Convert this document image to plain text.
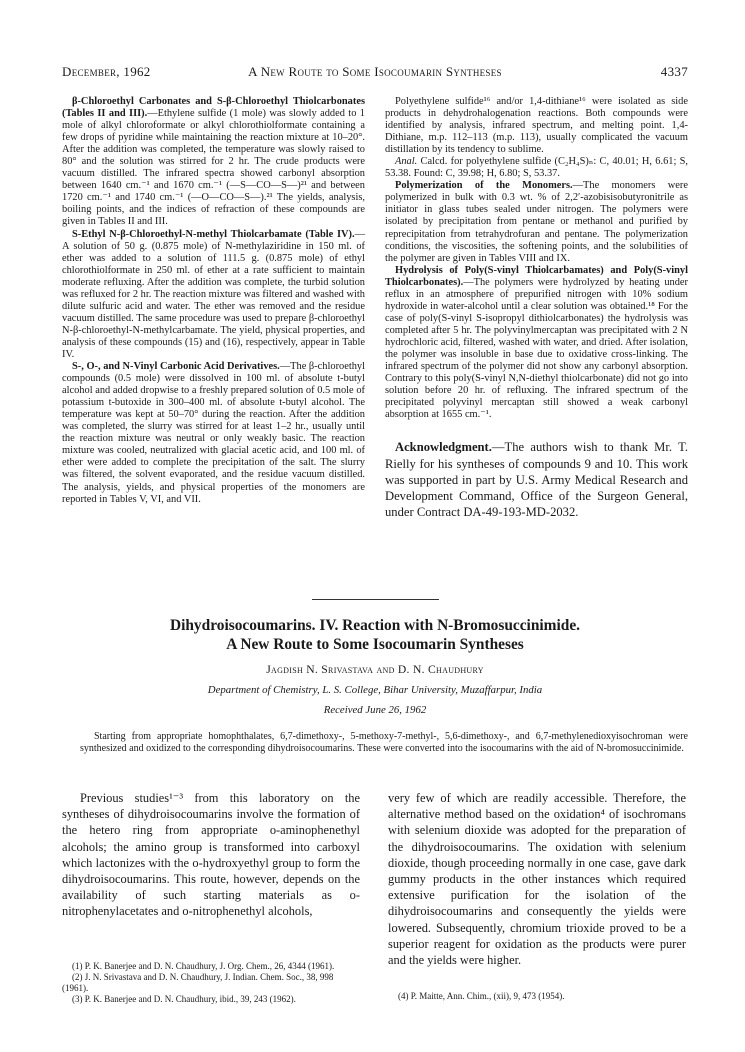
December, 1962	A New Route to Some Isocoumarin Syntheses	4337

β-Chloroethyl Carbonates and S-β-Chloroethyl Thiolcarbonates (Tables II and III).—Ethylene sulfide (1 mole) was slowly added to 1 mole of alkyl chloroformate or alkyl chlorothiolformate containing a few drops of pyridine while maintaining the reaction mixture at 10–20°. After the addition was completed, the temperature was slowly raised to 80° and the solution was stirred for 2 hr. The crude products were vacuum distilled. The infrared spectra showed carbonyl absorption between 1640 cm.⁻¹ and 1670 cm.⁻¹ (—S—CO—S—)²¹ and between 1720 cm.⁻¹ and 1740 cm.⁻¹ (—O—CO—S—).²¹ The yields, analysis, boiling points, and the indices of refraction of these compounds are given in Tables II and III.

S-Ethyl N-β-Chloroethyl-N-methyl Thiolcarbamate (Table IV).—A solution of 50 g. (0.875 mole) of N-methylaziridine in 150 ml. of ether was added to a solution of 111.5 g. (0.875 mole) of ethyl chlorothiolformate in 250 ml. of ether at a rate sufficient to maintain moderate refluxing. After the addition was complete, the turbid solution was refluxed for 2 hr. The reaction mixture was filtered and washed with dilute sulfuric acid and water. The ether was removed and the residue vacuum distilled. The same procedure was used to prepare β-chloroethyl N-β-chloroethyl-N-methylcarbamate. The yield, physical properties, and analysis of these compounds (15) and (16), respectively, appear in Table IV.

S-, O-, and N-Vinyl Carbonic Acid Derivatives.—The β-chloroethyl compounds (0.5 mole) were dissolved in 100 ml. of absolute t-butyl alcohol and added dropwise to a freshly prepared solution of 0.5 mole of potassium t-butoxide in 300–400 ml. of absolute t-butyl alcohol. The temperature was kept at 50–70° during the reaction. After the addition was completed, the slurry was stirred for at least 1–2 hr., usually until the reaction mixture was neutral or only weakly basic. The reaction mixture was cooled, neutralized with glacial acetic acid, and 100 ml. of ether were added to complete the precipitation of the salt. The slurry was filtered, the solvent evaporated, and the residue vacuum distilled. The analysis, yields, and physical properties of the monomers are reported in Tables V, VI, and VII.

Polyethylene sulfide¹⁶ and/or 1,4-dithiane¹⁶ were isolated as side products in dehydrohalogenation reactions. Both compounds were identified by analysis, infrared spectrum, and melting point. 1,4-Dithiane, m.p. 112–113 (m.p. 113), usually complicated the vacuum distillation by its tendency to sublime.

Anal. Calcd. for polyethylene sulfide (C₂H₄S)ₙ: C, 40.01; H, 6.61; S, 53.38. Found: C, 39.98; H, 6.80; S, 53.37.

Polymerization of the Monomers.—The monomers were polymerized in bulk with 0.3 wt. % of 2,2′-azobisisobutyronitrile as initiator in glass tubes sealed under nitrogen. The polymers were isolated by precipitation from pentane or methanol and purified by reprecipitation from tetrahydrofuran and pentane. The polymerization conditions, the viscosities, the softening points, and the solubilities of the polymer are given in Tables VIII and IX.

Hydrolysis of Poly(S-vinyl Thiolcarbamates) and Poly(S-vinyl Thiolcarbonates).—The polymers were hydrolyzed by heating under reflux in an atmosphere of prepurified nitrogen with 10% sodium hydroxide in water-alcohol until a clear solution was obtained.¹⁸ For the case of poly(S-vinyl S-isopropyl dithiolcarbonates) the hydrolysis was completed after 5 hr. The polyvinylmercaptan was precipitated with 2 N hydrochloric acid, filtered, washed with water, and dried. After isolation, the polymer was insoluble in base due to oxidative cross-linking. The infrared spectrum of the polymer did not show any carbonyl absorption. Contrary to this poly(S-vinyl N,N-diethyl thiolcarbonate) did not go into solution before 20 hr. of refluxing. The infrared spectrum of the precipitated polyvinyl mercaptan still showed a weak carbonyl absorption at 1655 cm.⁻¹.

Acknowledgment.—The authors wish to thank Mr. T. Rielly for his syntheses of compounds 9 and 10. This work was supported in part by U.S. Army Medical Research and Development Command, Office of the Surgeon General, under Contract DA-49-193-MD-2032.

Dihydroisocoumarins. IV. Reaction with N-Bromosuccinimide.
A New Route to Some Isocoumarin Syntheses
Jagdish N. Srivastava and D. N. Chaudhury
Department of Chemistry, L. S. College, Bihar University, Muzaffarpur, India
Received June 26, 1962

Starting from appropriate homophthalates, 6,7-dimethoxy-, 5-methoxy-7-methyl-, 5,6-dimethoxy-, and 6,7-methylenedioxyisochroman were synthesized and oxidized to the corresponding dihydroisocoumarins. These were converted into the isocoumarins with the aid of N-bromosuccinimide.

Previous studies¹⁻³ from this laboratory on the syntheses of dihydroisocoumarins involve the formation of the hetero ring from appropriate o-aminophenethyl alcohols; the amino group is transformed into carboxyl which lactonizes with the o-hydroxyethyl group to form the dihydroisocoumarins. This route, however, depends on the availability of such starting materials as o-nitrophenylacetates and o-nitrophenethyl alcohols,

very few of which are readily accessible. Therefore, the alternative method based on the oxidation⁴ of isochromans with selenium dioxide was adopted for the preparation of the dihydroisocoumarins. The oxidation with selenium dioxide, though proceeding normally in one case, gave dark gummy products in the other instances which required extensive purification for the isolation of the dihydroisocoumarins and consequently the yields were lowered. Subsequently, chromium trioxide proved to be a superior reagent for oxidation as the products were purer and the yields were higher.

(1) P. K. Banerjee and D. N. Chaudhury, J. Org. Chem., 26, 4344 (1961).

(2) J. N. Srivastava and D. N. Chaudhury, J. Indian. Chem. Soc., 38, 998 (1961).

(3) P. K. Banerjee and D. N. Chaudhury, ibid., 39, 243 (1962).	(4) P. Maitte, Ann. Chim., (xii), 9, 473 (1954).
